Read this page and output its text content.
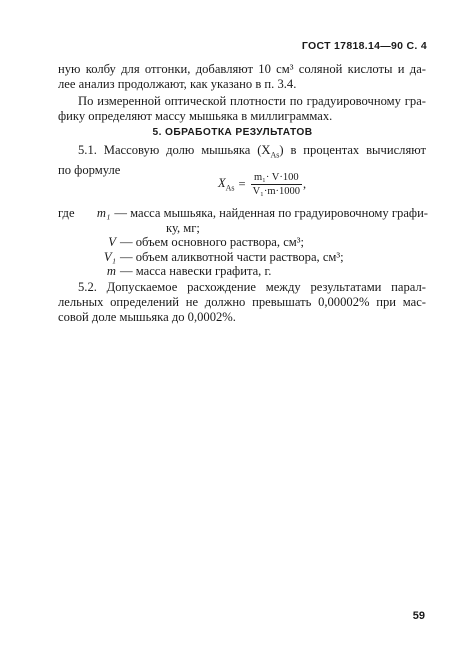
ГОСТ 17818.14—90 С. 4
ную колбу для отгонки, добавляют 10 см³ соляной кислоты и да-
лее анализ продолжают, как указано в п. 3.4.
По измеренной оптической плотности по градуировочному гра-
фику определяют массу мышьяка в миллиграммах.
5. ОБРАБОТКА РЕЗУЛЬТАТОВ
5.1. Массовую долю мышьяка $(X_{As})$ в процентах вычисляют
по формуле
$X_{As} = \frac{\text{m₁· V·100}}{\text{V₁·m·1000}}$ ,
где m₁ — масса мышьяка, найденная по градуировочному графи-
ку, мг;
V — объем основного раствора, см³;
V₁ — объем аликвотной части раствора, см³;
m — масса навески графита, г.
5.2. Допускаемое расхождение между результатами парал-
лельных определений не должно превышать 0,00002% при мас-
совой доле мышьяка до 0,0002%.
59
